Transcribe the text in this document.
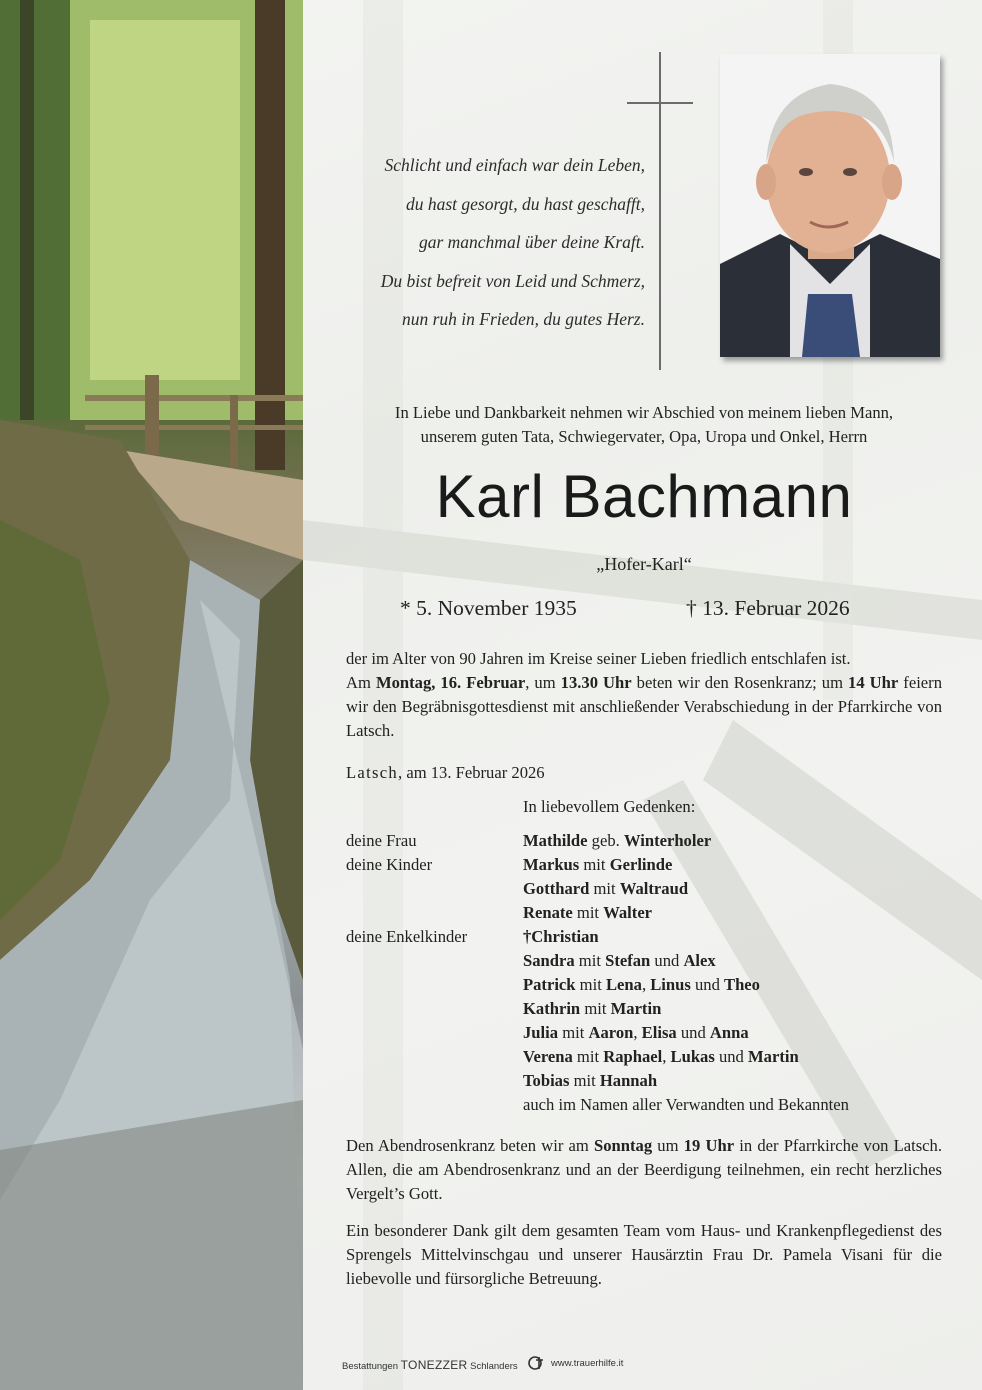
Schlicht und einfach war dein Leben,
du hast gesorgt, du hast geschafft,
gar manchmal über deine Kraft.
Du bist befreit von Leid und Schmerz,
nun ruh in Frieden, du gutes Herz.
In Liebe und Dankbarkeit nehmen wir Abschied von meinem lieben Mann,
unserem guten Tata, Schwiegervater, Opa, Uropa und Onkel, Herrn
Karl Bachmann
„Hofer-Karl“
* 5. November 1935	† 13. Februar 2026

der im Alter von 90 Jahren im Kreise seiner Lieben friedlich entschlafen ist.

Am Montag, 16. Februar, um 13.30 Uhr beten wir den Rosenkranz; um 14 Uhr feiern wir den Begräbnisgottesdienst mit anschließender Verabschiedung in der Pfarrkirche von Latsch.

Latsch, am 13. Februar 2026
In liebevollem Gedenken:
deine Frau	Mathilde geb. Winterholer
deine Kinder	Markus mit Gerlinde
Gotthard mit Waltraud
Renate mit Walter
deine Enkelkinder	†Christian
Sandra mit Stefan und Alex
Patrick mit Lena, Linus und Theo
Kathrin mit Martin
Julia mit Aaron, Elisa und Anna
Verena mit Raphael, Lukas und Martin
Tobias mit Hannah
auch im Namen aller Verwandten und Bekannten

Den Abendrosenkranz beten wir am Sonntag um 19 Uhr in der Pfarrkirche von Latsch. Allen, die am Abendrosenkranz und an der Beerdigung teilnehmen, ein recht herzliches Vergelt’s Gott.

Ein besonderer Dank gilt dem gesamten Team vom Haus- und Krankenpflegedienst des Sprengels Mittelvinschgau und unserer Hausärztin Frau Dr. Pamela Visani für die liebevolle und fürsorgliche Betreuung.

Bestattungen TONEZZER Schlanders	www.trauerhilfe.it
